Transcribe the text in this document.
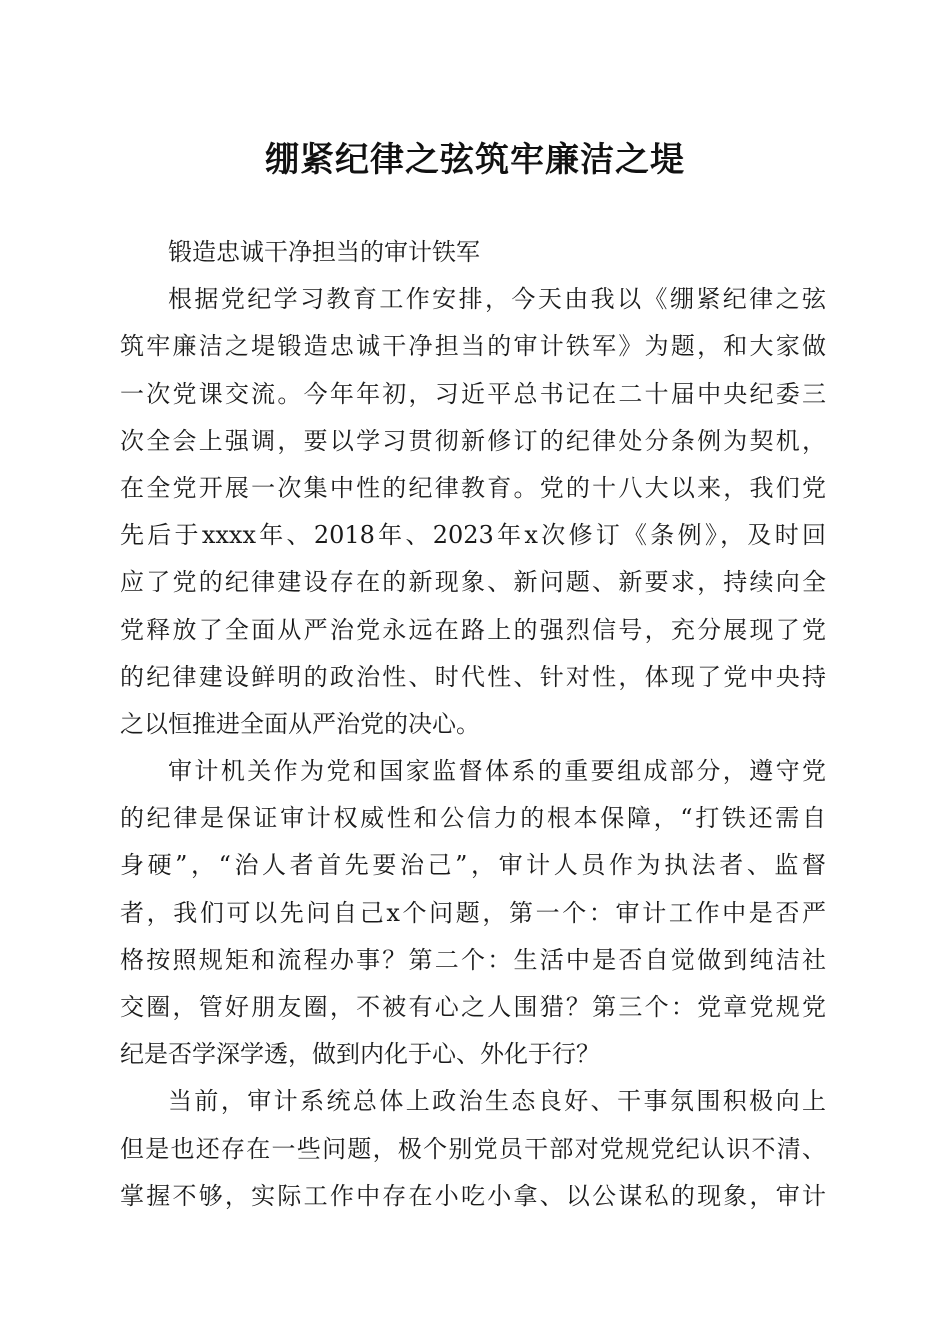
绷紧纪律之弦筑牢廉洁之堤
锻造忠诚干净担当的审计铁军
根据党纪学习教育工作安排，今天由我以《绷紧纪律之弦
筑牢廉洁之堤锻造忠诚干净担当的审计铁军》为题，和大家做
一次党课交流。今年年初，习近平总书记在二十届中央纪委三
次全会上强调，要以学习贯彻新修订的纪律处分条例为契机，
在全党开展一次集中性的纪律教育。党的十八大以来，我们党
先后于xxxx年、2018年、2023年x次修订《条例》，及时回
应了党的纪律建设存在的新现象、新问题、新要求，持续向全
党释放了全面从严治党永远在路上的强烈信号，充分展现了党
的纪律建设鲜明的政治性、时代性、针对性，体现了党中央持
之以恒推进全面从严治党的决心。
审计机关作为党和国家监督体系的重要组成部分，遵守党
的纪律是保证审计权威性和公信力的根本保障，“打铁还需自
身硬”，“治人者首先要治己”，审计人员作为执法者、监督
者，我们可以先问自己x个问题，第一个：审计工作中是否严
格按照规矩和流程办事？第二个：生活中是否自觉做到纯洁社
交圈，管好朋友圈，不被有心之人围猎？第三个：党章党规党
纪是否学深学透，做到内化于心、外化于行？
当前，审计系统总体上政治生态良好、干事氛围积极向上
但是也还存在一些问题，极个别党员干部对党规党纪认识不清、
掌握不够，实际工作中存在小吃小拿、以公谋私的现象，审计
